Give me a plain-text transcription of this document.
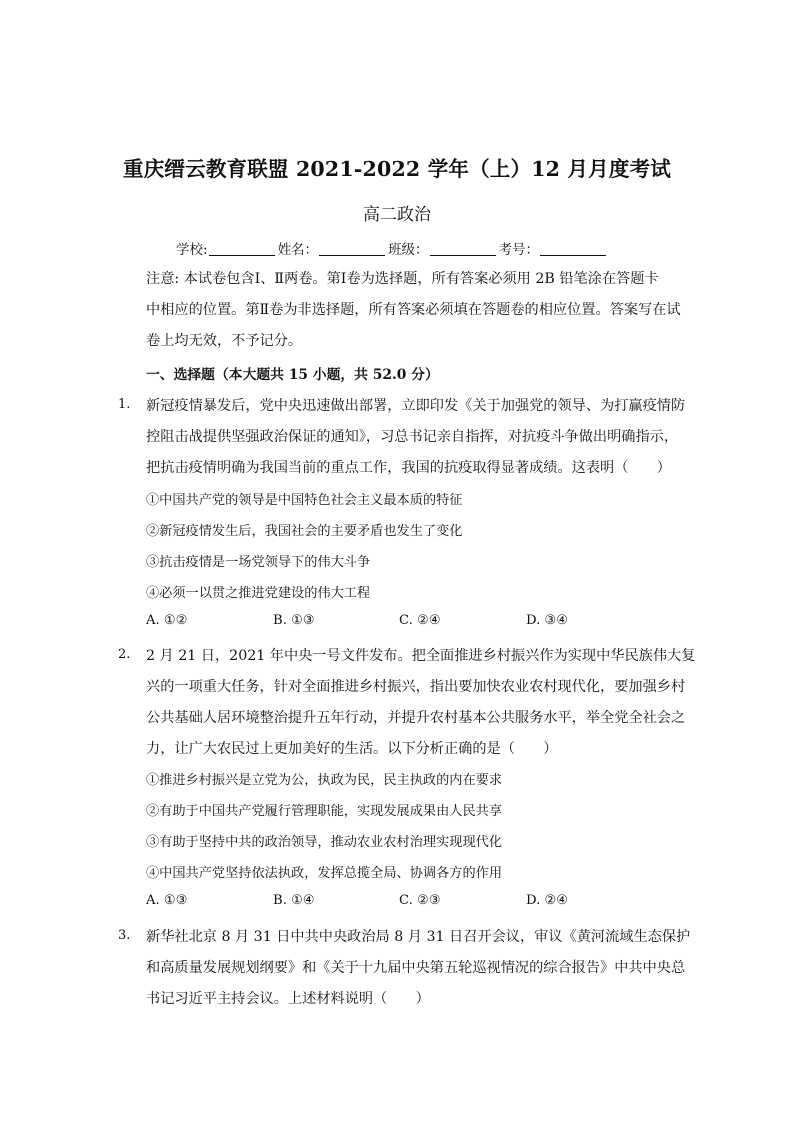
重庆缙云教育联盟 2021-2022 学年（上）12 月月度考试
高二政治
学校:	姓名：	班级：	考号：
注意: 本试卷包含Ⅰ、Ⅱ两卷。第Ⅰ卷为选择题，所有答案必须用 2B 铅笔涂在答题卡
中相应的位置。第Ⅱ卷为非选择题，所有答案必须填在答题卷的相应位置。答案写在试
卷上均无效，不予记分。
一、选择题（本大题共 15 小题，共 52.0 分）
1. 新冠疫情暴发后，党中央迅速做出部署，立即印发《关于加强党的领导、为打赢疫情防
控阻击战提供坚强政治保证的通知》，习总书记亲自指挥，对抗疫斗争做出明确指示，
把抗击疫情明确为我国当前的重点工作，我国的抗疫取得显著成绩。这表明（　　）
①中国共产党的领导是中国特色社会主义最本质的特征
②新冠疫情发生后，我国社会的主要矛盾也发生了变化
③抗击疫情是一场党领导下的伟大斗争
④必须一以贯之推进党建设的伟大工程
A. ①②	B. ①③	C. ②④	D. ③④
2. 2 月 21 日，2021 年中央一号文件发布。把全面推进乡村振兴作为实现中华民族伟大复
兴的一项重大任务，针对全面推进乡村振兴，指出要加快农业农村现代化，要加强乡村
公共基础人居环境整治提升五年行动，并提升农村基本公共服务水平，举全党全社会之
力，让广大农民过上更加美好的生活。以下分析正确的是（　　）
①推进乡村振兴是立党为公，执政为民，民主执政的内在要求
②有助于中国共产党履行管理职能，实现发展成果由人民共享
③有助于坚持中共的政治领导，推动农业农村治理实现现代化
④中国共产党坚持依法执政，发挥总揽全局、协调各方的作用
A. ①③	B. ①④	C. ②③	D. ②④
3. 新华社北京 8 月 31 日中共中央政治局 8 月 31 日召开会议，审议《黄河流域生态保护
和高质量发展规划纲要》和《关于十九届中央第五轮巡视情况的综合报告》中共中央总
书记习近平主持会议。上述材料说明（　　）
